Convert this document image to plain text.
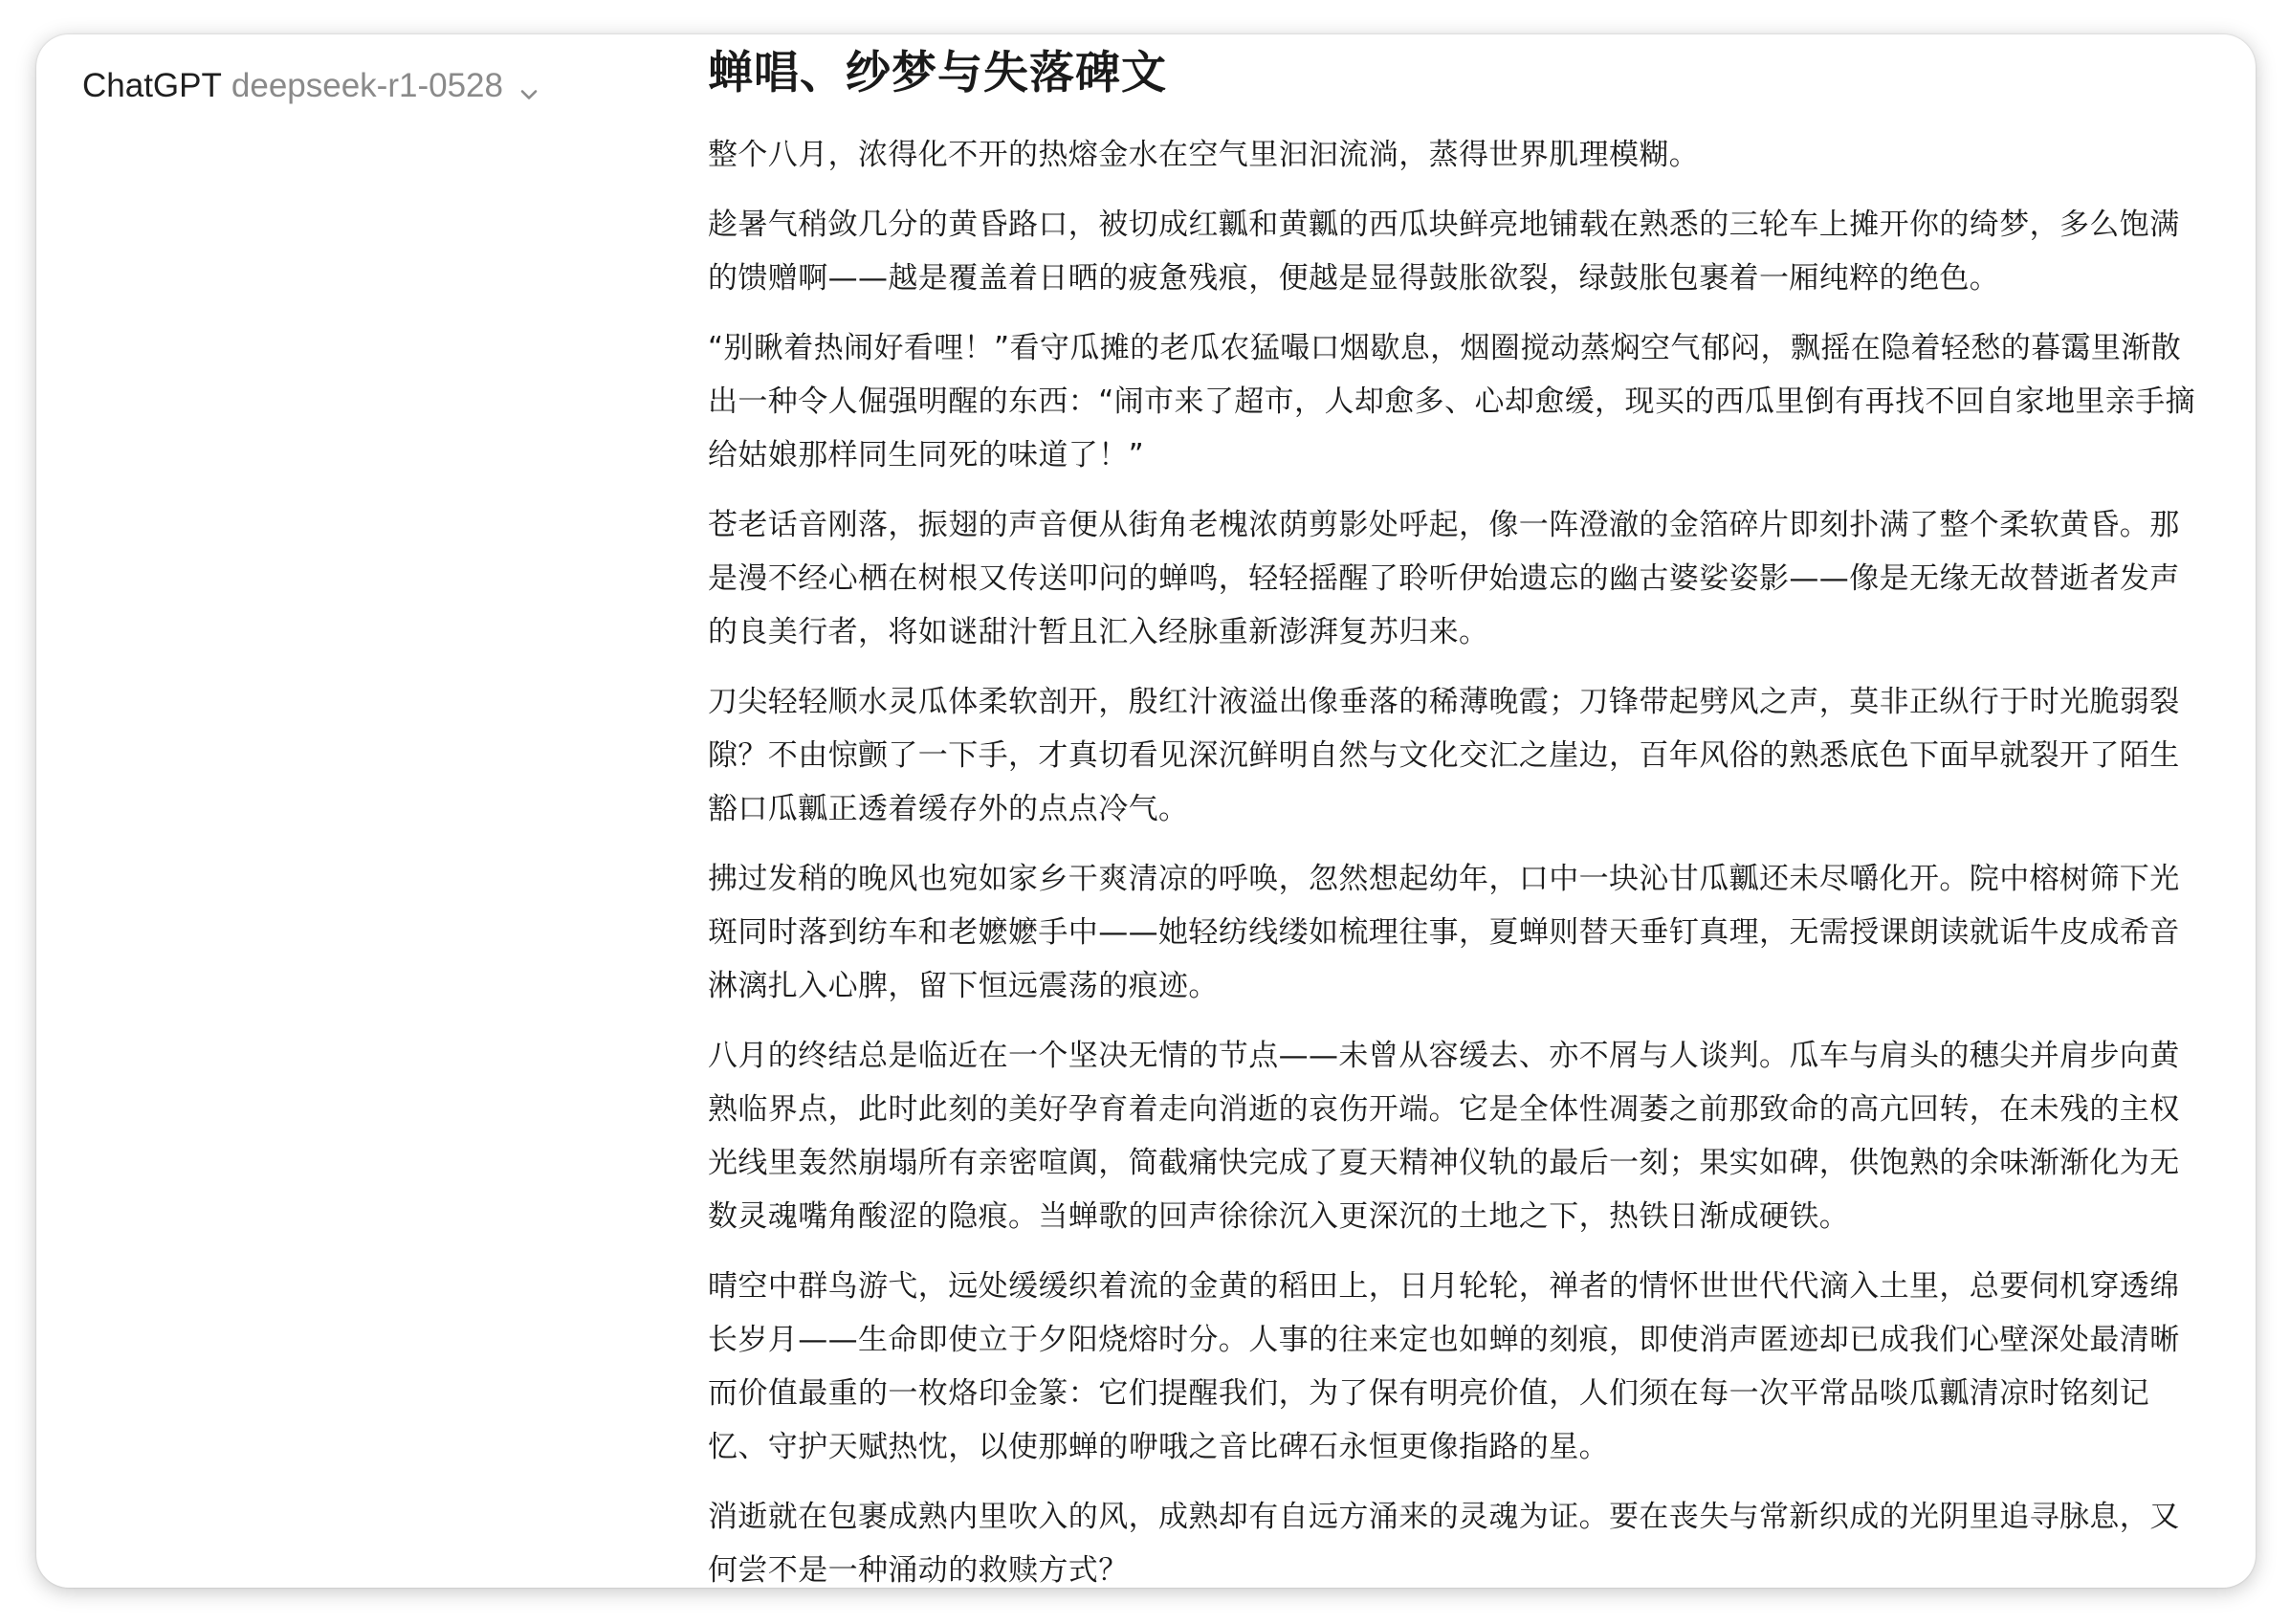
ChatGPT deepseek-r1-0528	蝉唱、纱梦与失落碑文

整个八月，浓得化不开的热熔金水在空气里汩汩流淌，蒸得世界肌理模糊。

趁暑气稍敛几分的黄昏路口，被切成红瓤和黄瓤的西瓜块鲜亮地铺载在熟悉的三轮车上摊开你的绮梦，多么饱满的馈赠啊——越是覆盖着日晒的疲惫残痕，便越是显得鼓胀欲裂，绿鼓胀包裹着一厢纯粹的绝色。

“别瞅着热闹好看哩！”看守瓜摊的老瓜农猛嘬口烟歇息，烟圈搅动蒸焖空气郁闷，飘摇在隐着轻愁的暮霭里渐散出一种令人倔强明醒的东西：“闹市来了超市，人却愈多、心却愈缓，现买的西瓜里倒有再找不回自家地里亲手摘给姑娘那样同生同死的味道了！”

苍老话音刚落，振翅的声音便从街角老槐浓荫剪影处呼起，像一阵澄澈的金箔碎片即刻扑满了整个柔软黄昏。那是漫不经心栖在树根又传送叩问的蝉鸣，轻轻摇醒了聆听伊始遗忘的幽古婆娑姿影——像是无缘无故替逝者发声的良美行者，将如谜甜汁暂且汇入经脉重新澎湃复苏归来。

刀尖轻轻顺水灵瓜体柔软剖开，殷红汁液溢出像垂落的稀薄晚霞；刀锋带起劈风之声，莫非正纵行于时光脆弱裂隙？不由惊颤了一下手，才真切看见深沉鲜明自然与文化交汇之崖边，百年风俗的熟悉底色下面早就裂开了陌生豁口瓜瓤正透着缓存外的点点冷气。

拂过发稍的晚风也宛如家乡干爽清凉的呼唤，忽然想起幼年，口中一块沁甘瓜瓤还未尽嚼化开。院中榕树筛下光斑同时落到纺车和老嬷嬷手中——她轻纺线缕如梳理往事，夏蝉则替天垂钉真理，无需授课朗读就诟牛皮成希音淋漓扎入心脾，留下恒远震荡的痕迹。

八月的终结总是临近在一个坚决无情的节点——未曾从容缓去、亦不屑与人谈判。瓜车与肩头的穗尖并肩步向黄熟临界点，此时此刻的美好孕育着走向消逝的哀伤开端。它是全体性凋萎之前那致命的高亢回转，在未残的主权光线里轰然崩塌所有亲密喧阗，简截痛快完成了夏天精神仪轨的最后一刻；果实如碑，供饱熟的余味渐渐化为无数灵魂嘴角酸涩的隐痕。当蝉歌的回声徐徐沉入更深沉的土地之下，热铁日渐成硬铁。

晴空中群鸟游弋，远处缓缓织着流的金黄的稻田上，日月轮轮，禅者的情怀世世代代滴入土里，总要伺机穿透绵长岁月——生命即使立于夕阳烧熔时分。人事的往来定也如蝉的刻痕，即使消声匿迹却已成我们心壁深处最清晰而价值最重的一枚烙印金篆：它们提醒我们，为了保有明亮价值，人们须在每一次平常品啖瓜瓤清凉时铭刻记忆、守护天赋热忱，以使那蝉的咿哦之音比碑石永恒更像指路的星。

消逝就在包裹成熟内里吹入的风，成熟却有自远方涌来的灵魂为证。要在丧失与常新织成的光阴里追寻脉息，又何尝不是一种涌动的救赎方式？
